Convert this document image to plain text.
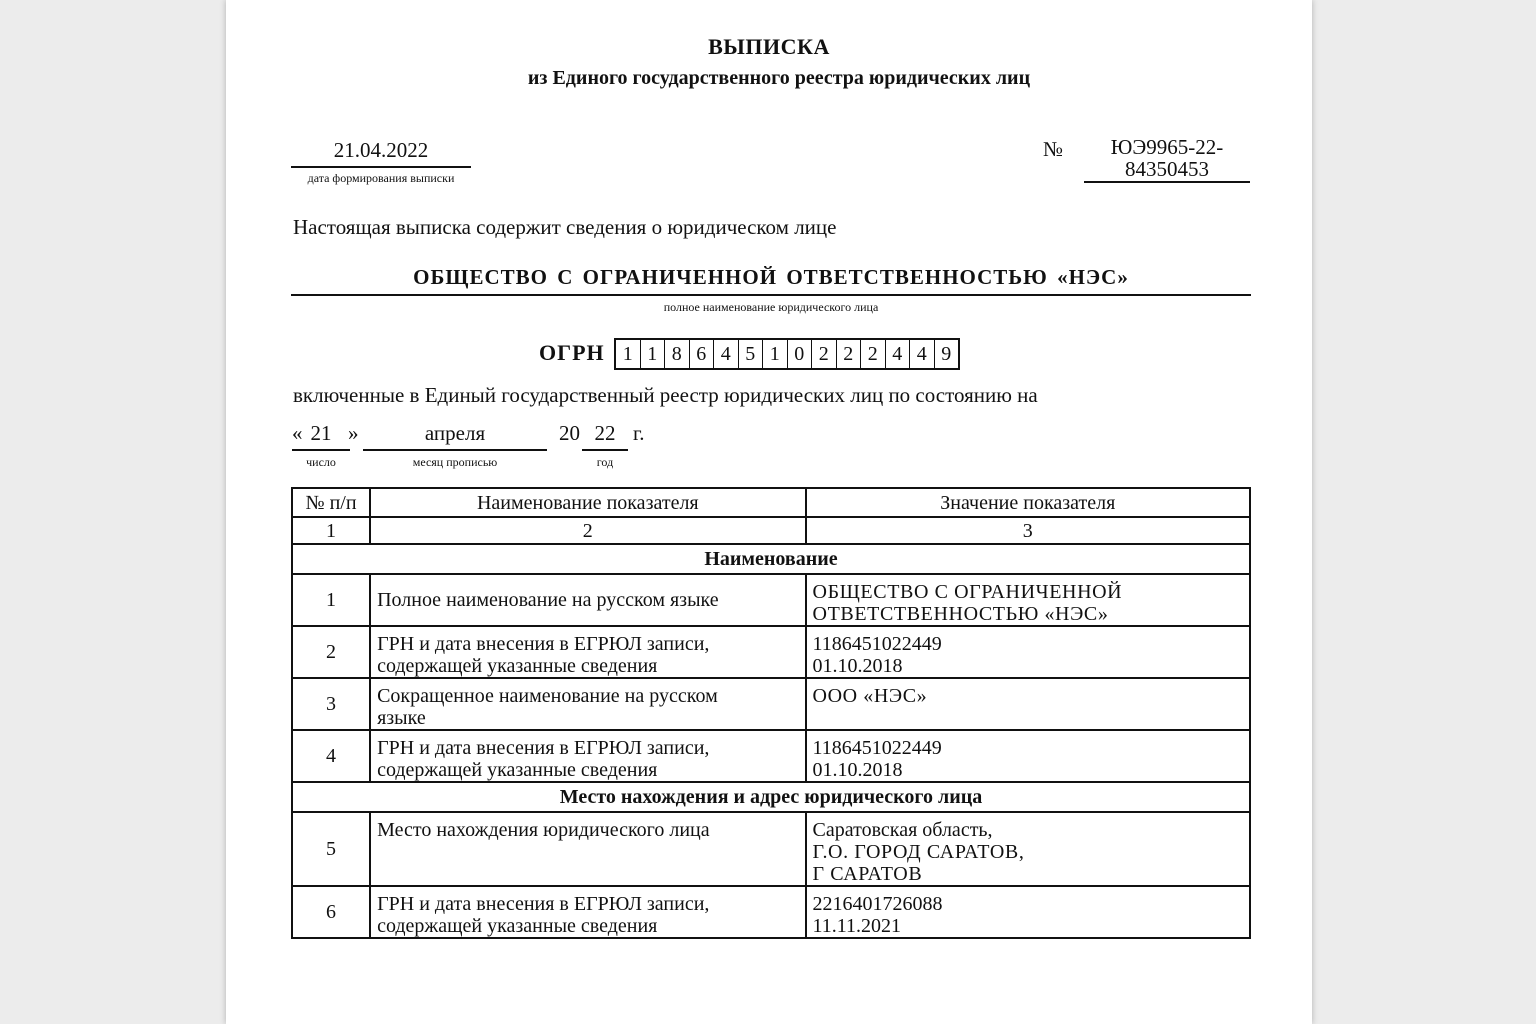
ВЫПИСКА
из Единого государственного реестра юридических лиц
21.04.2022
дата формирования выписки
№	ЮЭ9965-22-
84350453
Настоящая выписка содержит сведения о юридическом лице
ОБЩЕСТВО С ОГРАНИЧЕННОЙ ОТВЕТСТВЕННОСТЬЮ «НЭС»
полное наименование юридического лица
ОГРН 1 1 8 6 4 5 1 0 2 2 2 4 4 9
включенные в Единый государственный реестр юридических лиц по состоянию на
« 21
число
»	апреля
месяц прописью
20 22
год
г.
№ п/п	Наименование показателя	Значение показателя
1	2	3
Наименование		
1	Полное наименование на русском языке	ОБЩЕСТВО С ОГРАНИЧЕННОЙ
ОТВЕТСТВЕННОСТЬЮ «НЭС»

2	ГРН и дата внесения в ЕГРЮЛ записи,
содержащей указанные сведения	1186451022449
01.10.2018

3	Сокращенное наименование на русском
языке	ООО «НЭС»

4	ГРН и дата внесения в ЕГРЮЛ записи,
содержащей указанные сведения	1186451022449
01.10.2018

Место нахождения и адрес юридического лица		
5	Место нахождения юридического лица	Саратовская область,
Г.О. ГОРОД САРАТОВ,
Г САРАТОВ

6	ГРН и дата внесения в ЕГРЮЛ записи,
содержащей указанные сведения	2216401726088
11.11.2021
